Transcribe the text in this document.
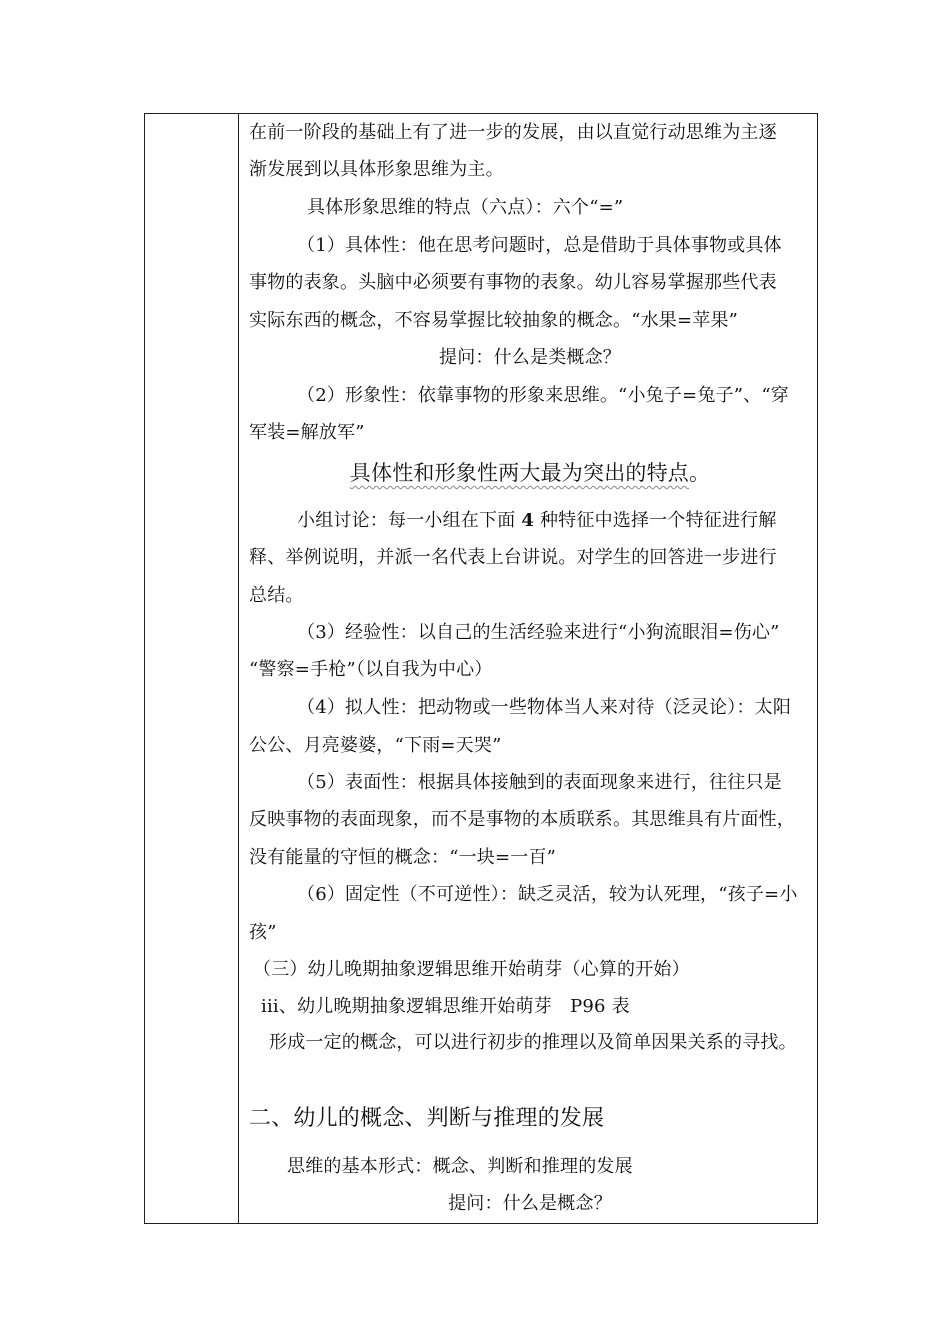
在前一阶段的基础上有了进一步的发展，由以直觉行动思维为主逐
渐发展到以具体形象思维为主。
具体形象思维的特点（六点）：六个“=”
（1）具体性：他在思考问题时，总是借助于具体事物或具体
事物的表象。头脑中必须要有事物的表象。幼儿容易掌握那些代表
实际东西的概念，不容易掌握比较抽象的概念。“水果=苹果”
提问：什么是类概念？
（2）形象性：依靠事物的形象来思维。“小兔子=兔子”、“穿
军装=解放军”
具体性和形象性两大最为突出的特点。
小组讨论：每一小组在下面 4 种特征中选择一个特征进行解
释、举例说明，并派一名代表上台讲说。对学生的回答进一步进行
总结。
（3）经验性：以自己的生活经验来进行“小狗流眼泪=伤心”
“警察=手枪”（以自我为中心）
（4）拟人性：把动物或一些物体当人来对待（泛灵论）：太阳
公公、月亮婆婆，“下雨=天哭”
（5）表面性：根据具体接触到的表面现象来进行，往往只是
反映事物的表面现象，而不是事物的本质联系。其思维具有片面性，
没有能量的守恒的概念：“一块=一百”
（6）固定性（不可逆性）：缺乏灵活，较为认死理，“孩子=小
孩”
（三）幼儿晚期抽象逻辑思维开始萌芽（心算的开始）
iii、幼儿晚期抽象逻辑思维开始萌芽　P96 表
形成一定的概念，可以进行初步的推理以及简单因果关系的寻找。
二、幼儿的概念、判断与推理的发展
思维的基本形式：概念、判断和推理的发展
提问：什么是概念？
